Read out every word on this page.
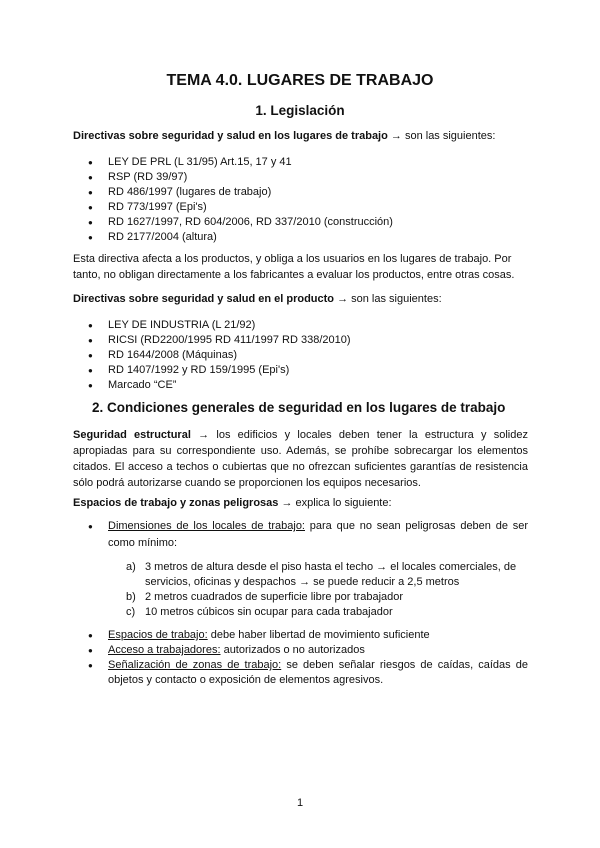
TEMA 4.0. LUGARES DE TRABAJO
1. Legislación

Directivas sobre seguridad y salud en los lugares de trabajo → son las siguientes:

● LEY DE PRL (L 31/95) Art.15, 17 y 41
● RSP (RD 39/97)
● RD 486/1997 (lugares de trabajo)
● RD 773/1997 (Epi's)
● RD 1627/1997, RD 604/2006, RD 337/2010 (construcción)
● RD 2177/2004 (altura)

Esta directiva afecta a los productos, y obliga a los usuarios en los lugares de trabajo. Por tanto, no obligan directamente a los fabricantes a evaluar los productos, entre otras cosas.

Directivas sobre seguridad y salud en el producto → son las siguientes:

● LEY DE INDUSTRIA (L 21/92)
● RICSI (RD2200/1995 RD 411/1997 RD 338/2010)
● RD 1644/2008 (Máquinas)
● RD 1407/1992 y RD 159/1995 (Epi's)
● Marcado “CE”
2. Condiciones generales de seguridad en los lugares de trabajo

Seguridad estructural → los edificios y locales deben tener la estructura y solidez apropiadas para su correspondiente uso. Además, se prohíbe sobrecargar los elementos citados. El acceso a techos o cubiertas que no ofrezcan suficientes garantías de resistencia sólo podrá autorizarse cuando se proporcionen los equipos necesarios.

Espacios de trabajo y zonas peligrosas → explica lo siguiente:

● Dimensiones de los locales de trabajo: para que no sean peligrosas deben de ser como mínimo:
a) 3 metros de altura desde el piso hasta el techo → el locales comerciales, de servicios, oficinas y despachos → se puede reducir a 2,5 metros
b) 2 metros cuadrados de superficie libre por trabajador
c) 10 metros cúbicos sin ocupar para cada trabajador
● Espacios de trabajo: debe haber libertad de movimiento suficiente
● Acceso a trabajadores: autorizados o no autorizados
● Señalización de zonas de trabajo: se deben señalar riesgos de caídas, caídas de objetos y contacto o exposición de elementos agresivos.
1
